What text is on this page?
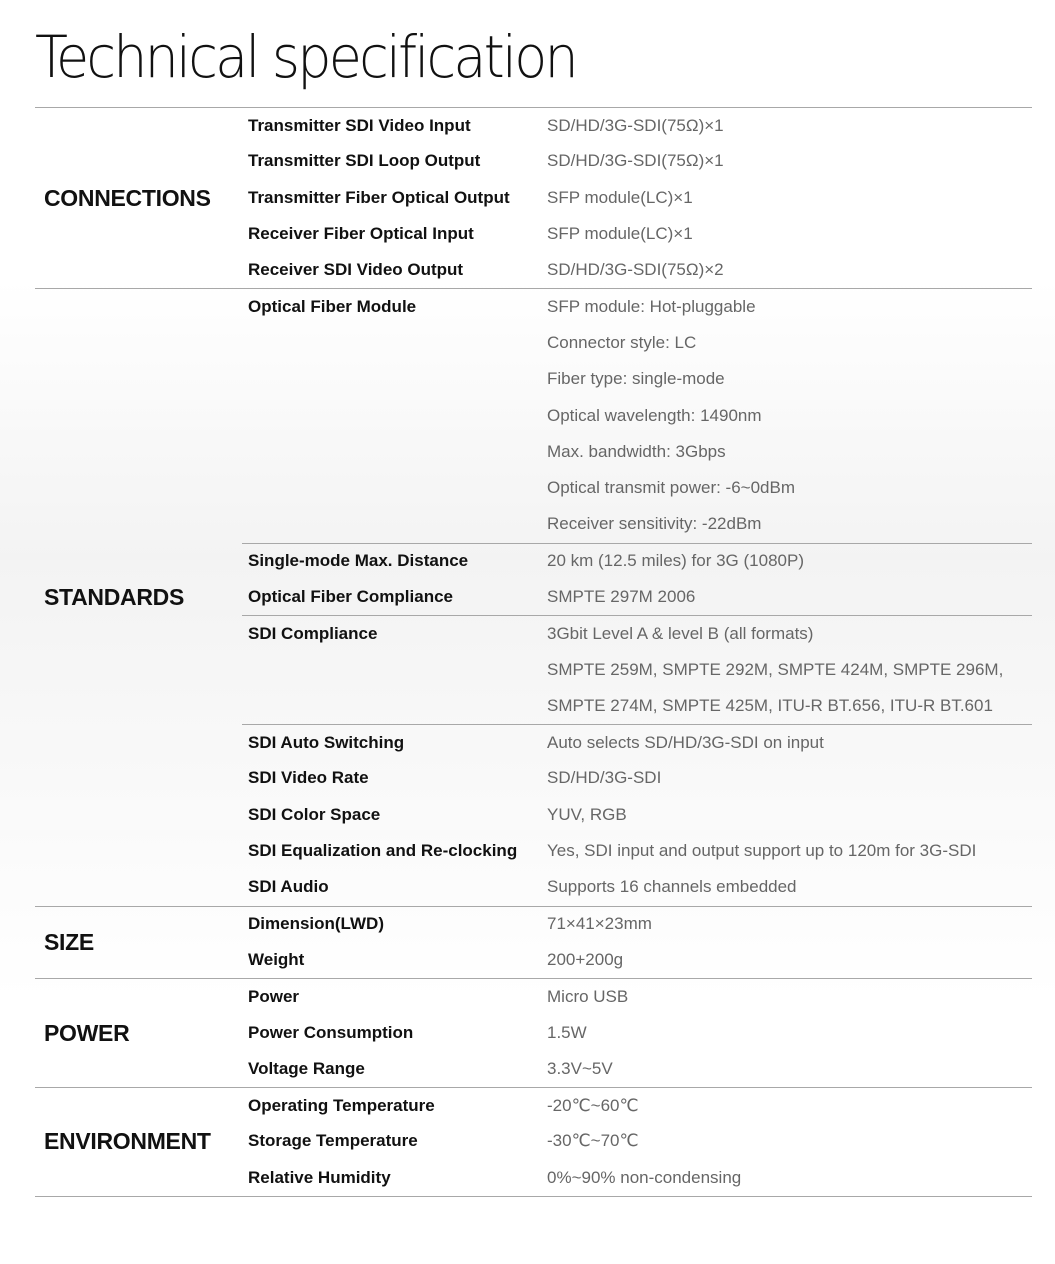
Technical specification
CONNECTIONS
Transmitter SDI Video Input	SD/HD/3G-SDI(75Ω)×1
Transmitter SDI Loop Output	SD/HD/3G-SDI(75Ω)×1
Transmitter Fiber Optical Output	SFP module(LC)×1
Receiver Fiber Optical Input	SFP module(LC)×1
Receiver SDI Video Output	SD/HD/3G-SDI(75Ω)×2
STANDARDS
Optical Fiber Module	SFP module: Hot-pluggable
Connector style: LC
Fiber type: single-mode
Optical wavelength: 1490nm
Max. bandwidth: 3Gbps
Optical transmit power: -6~0dBm
Receiver sensitivity: -22dBm
Single-mode Max. Distance	20 km (12.5 miles) for 3G (1080P)
Optical Fiber Compliance	SMPTE 297M 2006
SDI Compliance	3Gbit Level A & level B (all formats)
SMPTE 259M, SMPTE 292M, SMPTE 424M, SMPTE 296M,
SMPTE 274M, SMPTE 425M, ITU-R BT.656, ITU-R BT.601
SDI Auto Switching	Auto selects SD/HD/3G-SDI on input
SDI Video Rate	SD/HD/3G-SDI
SDI Color Space	YUV, RGB
SDI Equalization and Re-clocking	Yes, SDI input and output support up to 120m for 3G-SDI
SDI Audio	Supports 16 channels embedded
SIZE
Dimension(LWD)	71×41×23mm
Weight	200+200g
POWER
Power	Micro USB
Power Consumption	1.5W
Voltage Range	3.3V~5V
ENVIRONMENT
Operating Temperature	-20℃~60℃
Storage Temperature	-30℃~70℃
Relative Humidity	0%~90% non-condensing
